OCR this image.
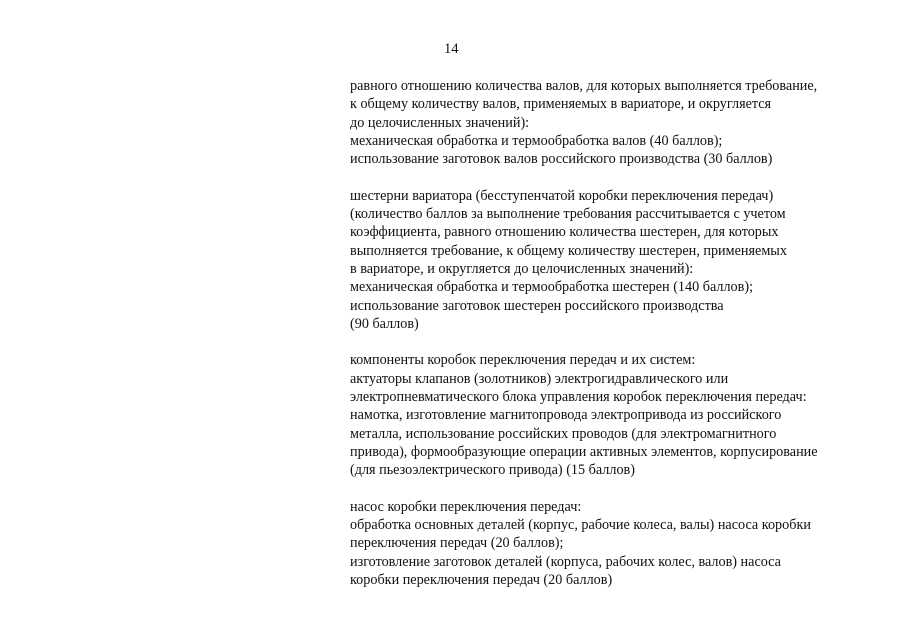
14
равного отношению количества валов, для которых выполняется требование,
к общему количеству валов, применяемых в вариаторе, и округляется
до целочисленных значений):
механическая обработка и термообработка валов (40 баллов);
использование заготовок валов российского производства (30 баллов)
шестерни вариатора (бесступенчатой коробки переключения передач)
(количество баллов за выполнение требования рассчитывается с учетом
коэффициента, равного отношению количества шестерен, для которых
выполняется требование, к общему количеству шестерен, применяемых
в вариаторе, и округляется до целочисленных значений):
механическая обработка и термообработка шестерен (140 баллов);
использование заготовок шестерен российского производства
(90 баллов)
компоненты коробок переключения передач и их систем:
актуаторы клапанов (золотников) электрогидравлического или
электропневматического блока управления коробок переключения передач:
намотка, изготовление магнитопровода электропривода из российского
металла, использование российских проводов (для электромагнитного
привода), формообразующие операции активных элементов, корпусирование
(для пьезоэлектрического привода) (15 баллов)
насос коробки переключения передач:
обработка основных деталей (корпус, рабочие колеса, валы) насоса коробки
переключения передач (20 баллов);
изготовление заготовок деталей (корпуса, рабочих колес, валов) насоса
коробки переключения передач (20 баллов)
